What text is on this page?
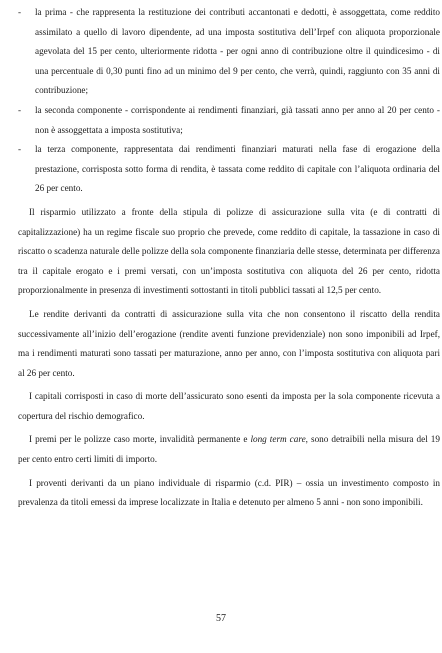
-	la prima - che rappresenta la restituzione dei contributi accantonati e dedotti, è assoggettata, come reddito assimilato a quello di lavoro dipendente, ad una imposta sostitutiva dell’Irpef con aliquota proporzionale agevolata del 15 per cento, ulteriormente ridotta - per ogni anno di contribuzione oltre il quindicesimo - di una percentuale di 0,30 punti fino ad un minimo del 9 per cento, che verrà, quindi, raggiunto con 35 anni di contribuzione;
-	la seconda componente - corrispondente ai rendimenti finanziari, già tassati anno per anno al 20 per cento - non è assoggettata a imposta sostitutiva;
-	la terza componente, rappresentata dai rendimenti finanziari maturati nella fase di erogazione della prestazione, corrisposta sotto forma di rendita, è tassata come reddito di capitale con l’aliquota ordinaria del 26 per cento.

Il risparmio utilizzato a fronte della stipula di polizze di assicurazione sulla vita (e di contratti di capitalizzazione) ha un regime fiscale suo proprio che prevede, come reddito di capitale, la tassazione in caso di riscatto o scadenza naturale delle polizze della sola componente finanziaria delle stesse, determinata per differenza tra il capitale erogato e i premi versati, con un’imposta sostitutiva con aliquota del 26 per cento, ridotta proporzionalmente in presenza di investimenti sottostanti in titoli pubblici tassati al 12,5 per cento.

Le rendite derivanti da contratti di assicurazione sulla vita che non consentono il riscatto della rendita successivamente all’inizio dell’erogazione (rendite aventi funzione previdenziale) non sono imponibili ad Irpef, ma i rendimenti maturati sono tassati per maturazione, anno per anno, con l’imposta sostitutiva con aliquota pari al 26 per cento.

I capitali corrisposti in caso di morte dell’assicurato sono esenti da imposta per la sola componente ricevuta a copertura del rischio demografico.

I premi per le polizze caso morte, invalidità permanente e long term care, sono detraibili nella misura del 19 per cento entro certi limiti di importo.

I proventi derivanti da un piano individuale di risparmio (c.d. PIR) – ossia un investimento composto in prevalenza da titoli emessi da imprese localizzate in Italia e detenuto per almeno 5 anni - non sono imponibili.

57
